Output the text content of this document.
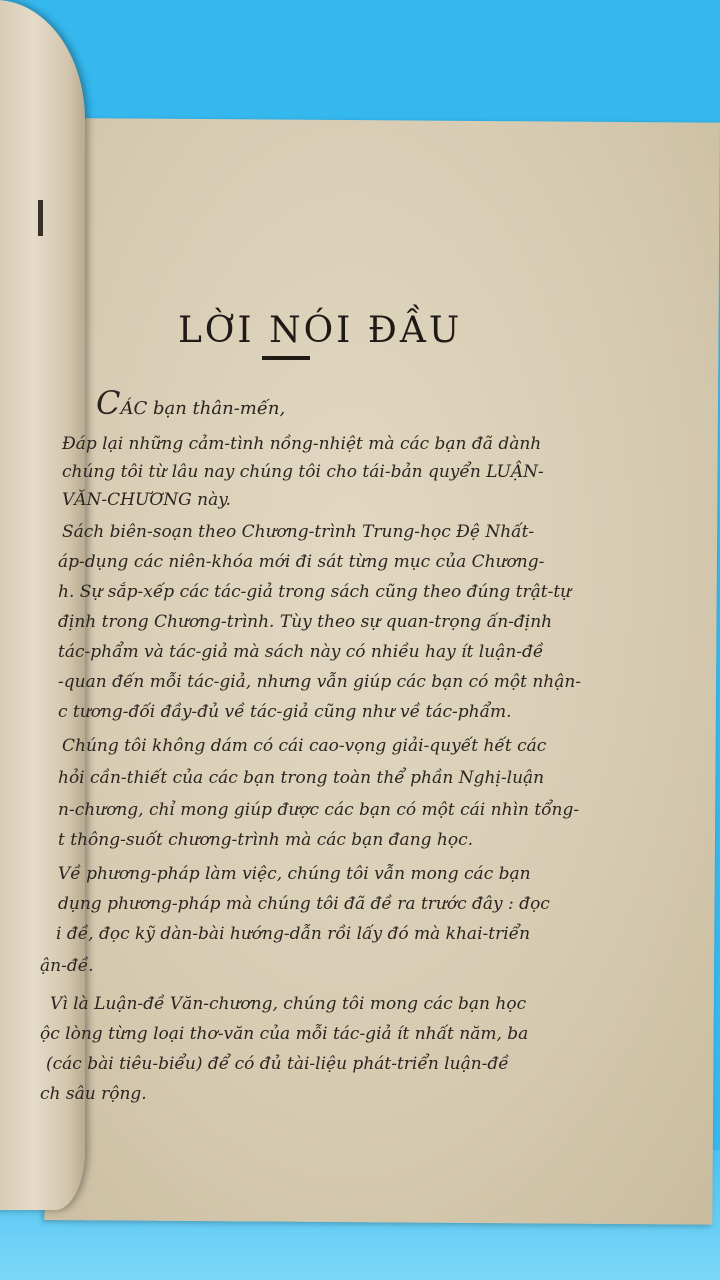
LỜI NÓI ĐẦU
CÁC bạn thân-mến,
Đáp lại những cảm-tình nồng-nhiệt mà các bạn đã dành
chúng tôi từ lâu nay chúng tôi cho tái-bản quyển LUẬN-
VĂN-CHƯƠNG này.
Sách biên-soạn theo Chương-trình Trung-học Đệ Nhất-
áp-dụng các niên-khóa mới đi sát từng mục của Chương-
h. Sự sắp-xếp các tác-giả trong sách cũng theo đúng trật-tự
định trong Chương-trình. Tùy theo sự quan-trọng ấn-định
tác-phẩm và tác-giả mà sách này có nhiều hay ít luận-đề
-quan đến mỗi tác-giả, nhưng vẫn giúp các bạn có một nhận-
c tương-đối đầy-đủ về tác-giả cũng như về tác-phẩm.
Chúng tôi không dám có cái cao-vọng giải-quyết hết các
hỏi cần-thiết của các bạn trong toàn thể phần Nghị-luận
n-chương, chỉ mong giúp được các bạn có một cái nhìn tổng-
t thông-suốt chương-trình mà các bạn đang học.
Về phương-pháp làm việc, chúng tôi vẫn mong các bạn
dụng phương-pháp mà chúng tôi đã đề ra trước đây : đọc
i đề, đọc kỹ dàn-bài hướng-dẫn rồi lấy đó mà khai-triển
ận-đề.
Vì là Luận-đề Văn-chương, chúng tôi mong các bạn học
ộc lòng từng loại thơ-văn của mỗi tác-giả ít nhất năm, ba
(các bài tiêu-biểu) để có đủ tài-liệu phát-triển luận-đề
ch sâu rộng.
